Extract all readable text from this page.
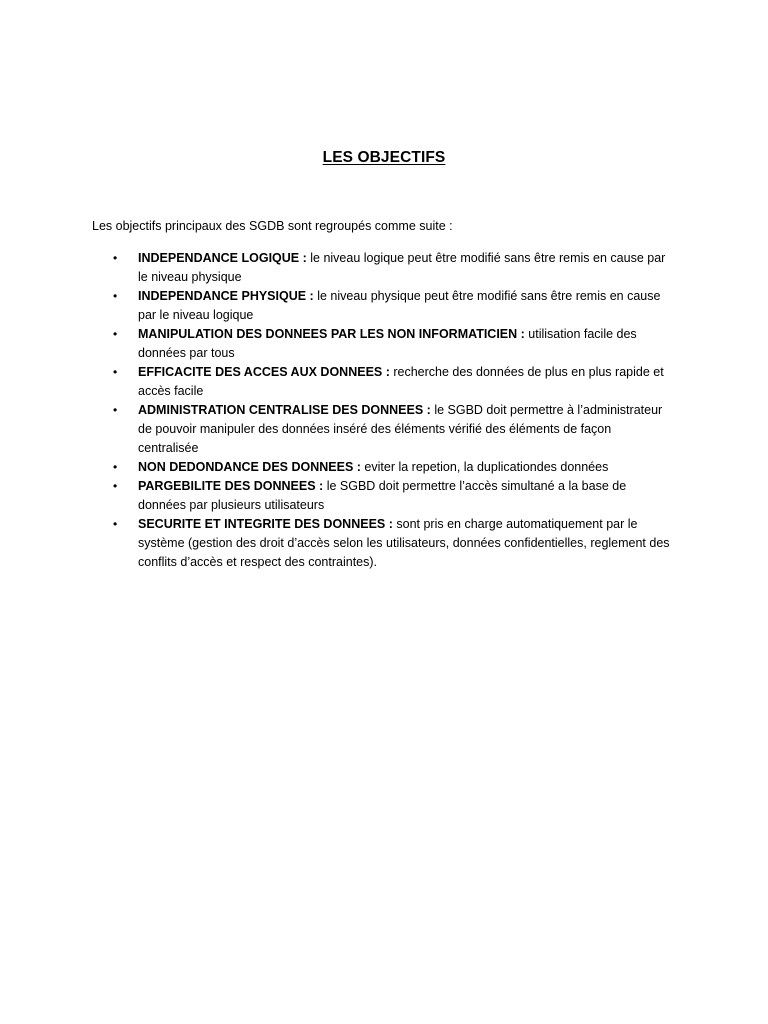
LES OBJECTIFS
Les objectifs principaux des SGDB sont regroupés comme suite :
•	INDEPENDANCE LOGIQUE : le niveau logique peut être modifié sans être remis en cause par le niveau physique
•	INDEPENDANCE PHYSIQUE : le niveau physique peut être modifié sans être remis en cause par le niveau logique
•	MANIPULATION DES DONNEES PAR LES NON INFORMATICIEN : utilisation facile des données par tous
•	EFFICACITE DES ACCES AUX DONNEES : recherche des données de plus en plus rapide et accès facile
•	ADMINISTRATION CENTRALISE DES DONNEES : le SGBD doit permettre à l’administrateur de pouvoir manipuler des données inséré des éléments vérifié des éléments de façon centralisée
•	NON DEDONDANCE DES DONNEES : eviter la repetion, la duplicationdes données
•	PARGEBILITE DES DONNEES : le SGBD doit permettre l’accès simultané a la base de données par plusieurs utilisateurs
•	SECURITE ET INTEGRITE DES DONNEES : sont pris en charge automatiquement par le système (gestion des droit d’accès selon les utilisateurs, données confidentielles, reglement des conflits d’accès et respect des contraintes).
